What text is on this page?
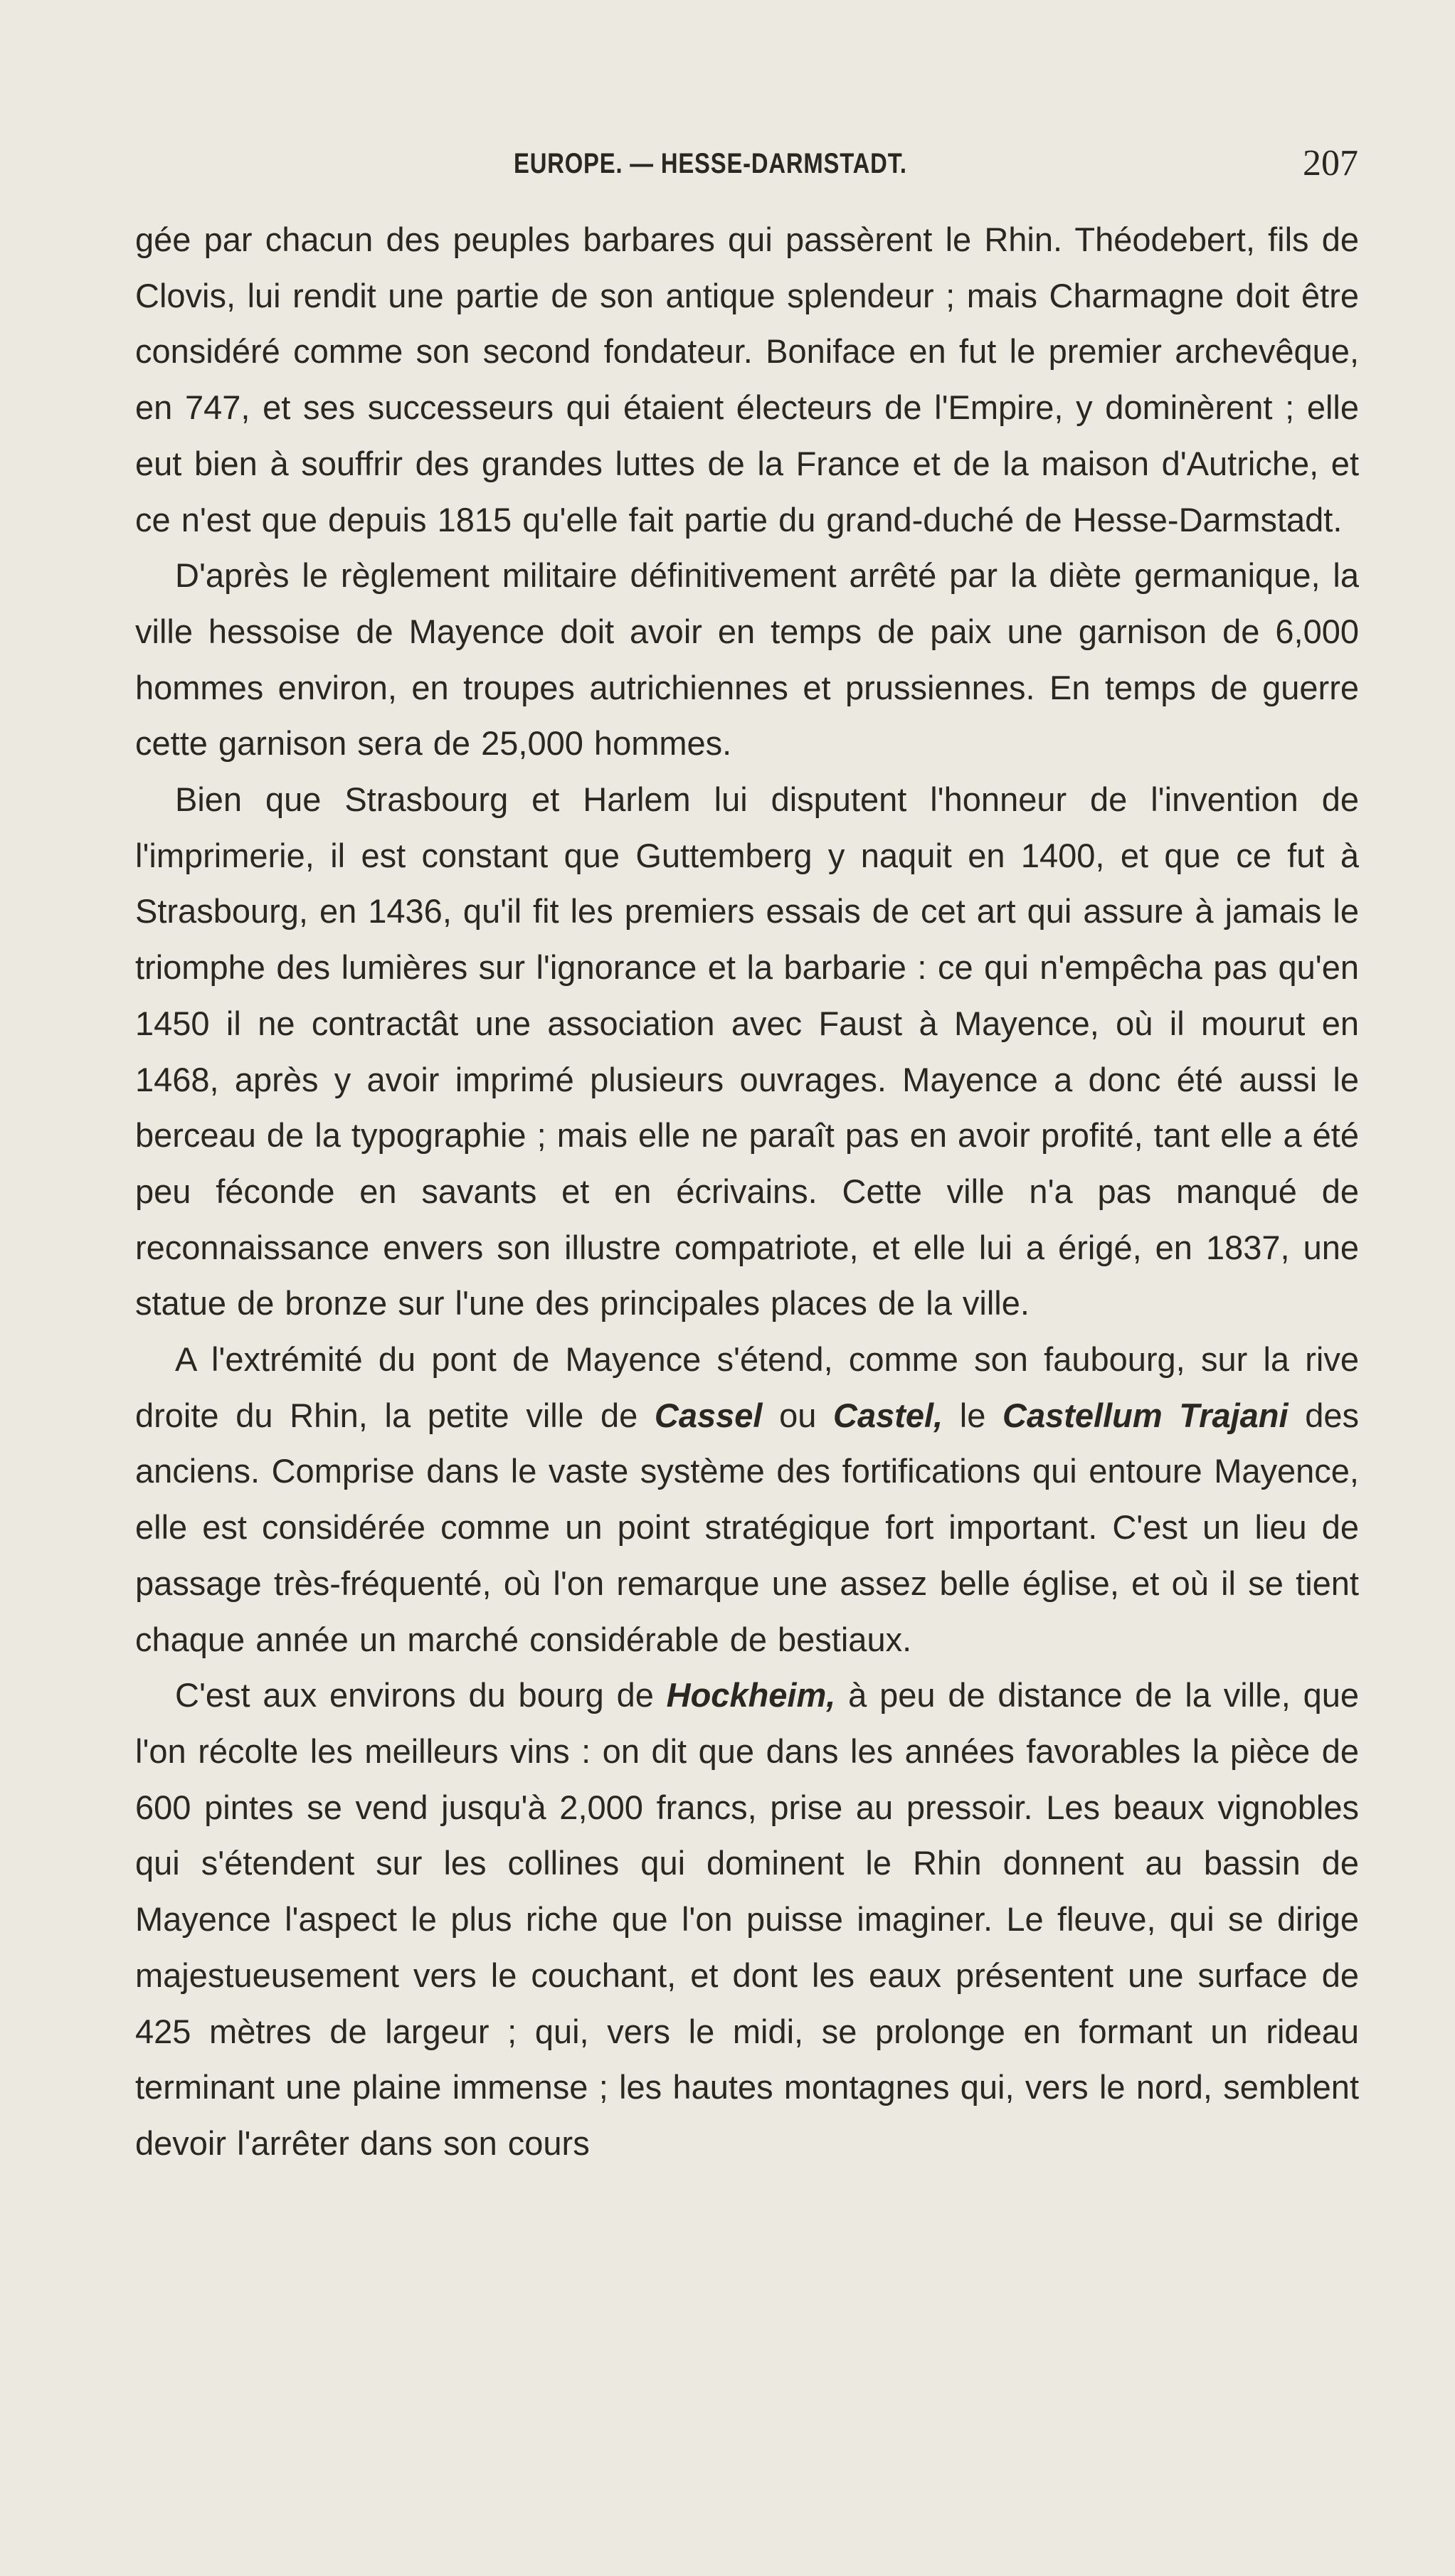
EUROPE. — HESSE-DARMSTADT.	207

gée par chacun des peuples barbares qui passèrent le Rhin. Théodebert, fils de Clovis, lui rendit une partie de son antique splendeur ; mais Charmagne doit être considéré comme son second fondateur. Boniface en fut le premier archevêque, en 747, et ses successeurs qui étaient électeurs de l'Empire, y dominèrent ; elle eut bien à souffrir des grandes luttes de la France et de la maison d'Autriche, et ce n'est que depuis 1815 qu'elle fait partie du grand-duché de Hesse-Darmstadt.

D'après le règlement militaire définitivement arrêté par la diète germanique, la ville hessoise de Mayence doit avoir en temps de paix une garnison de 6,000 hommes environ, en troupes autrichiennes et prussiennes. En temps de guerre cette garnison sera de 25,000 hommes.

Bien que Strasbourg et Harlem lui disputent l'honneur de l'invention de l'imprimerie, il est constant que Guttemberg y naquit en 1400, et que ce fut à Strasbourg, en 1436, qu'il fit les premiers essais de cet art qui assure à jamais le triomphe des lumières sur l'ignorance et la barbarie : ce qui n'empêcha pas qu'en 1450 il ne contractât une association avec Faust à Mayence, où il mourut en 1468, après y avoir imprimé plusieurs ouvrages. Mayence a donc été aussi le berceau de la typographie ; mais elle ne paraît pas en avoir profité, tant elle a été peu féconde en savants et en écrivains. Cette ville n'a pas manqué de reconnaissance envers son illustre compatriote, et elle lui a érigé, en 1837, une statue de bronze sur l'une des principales places de la ville.

A l'extrémité du pont de Mayence s'étend, comme son faubourg, sur la rive droite du Rhin, la petite ville de Cassel ou Castel, le Castellum Trajani des anciens. Comprise dans le vaste système des fortifications qui entoure Mayence, elle est considérée comme un point stratégique fort important. C'est un lieu de passage très-fréquenté, où l'on remarque une assez belle église, et où il se tient chaque année un marché considérable de bestiaux.

C'est aux environs du bourg de Hockheim, à peu de distance de la ville, que l'on récolte les meilleurs vins : on dit que dans les années favorables la pièce de 600 pintes se vend jusqu'à 2,000 francs, prise au pressoir. Les beaux vignobles qui s'étendent sur les collines qui dominent le Rhin donnent au bassin de Mayence l'aspect le plus riche que l'on puisse imaginer. Le fleuve, qui se dirige majestueusement vers le couchant, et dont les eaux présentent une surface de 425 mètres de largeur ; qui, vers le midi, se prolonge en formant un rideau terminant une plaine immense ; les hautes montagnes qui, vers le nord, semblent devoir l'arrêter dans son cours
